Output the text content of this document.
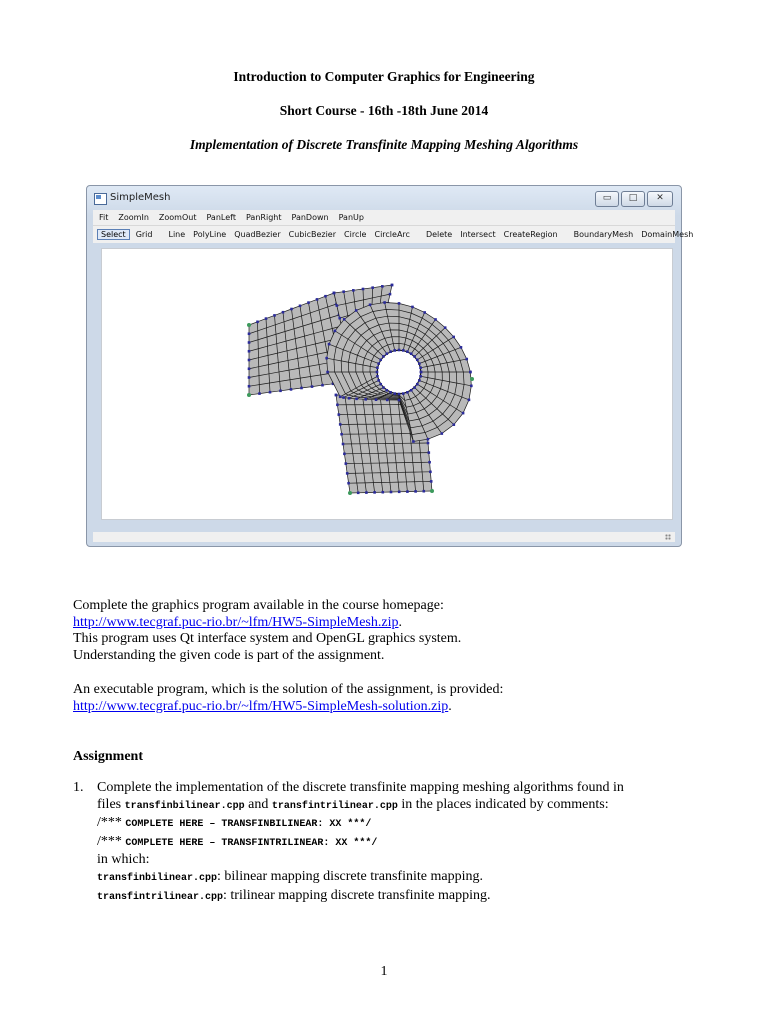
Introduction to Computer Graphics for Engineering
Short Course - 16th -18th June 2014
Implementation of Discrete Transfinite Mapping Meshing Algorithms
SimpleMesh	▭	□	✕
Fit ZoomIn ZoomOut PanLeft PanRight PanDown PanUp
Select	Grid Line PolyLine QuadBezier CubicBezier Circle CircleArc Delete Intersect CreateRegion BoundaryMesh DomainMesh
Complete the graphics program available in the course homepage:
http://www.tecgraf.puc-rio.br/~lfm/HW5-SimpleMesh.zip.
This program uses Qt interface system and OpenGL graphics system.
Understanding the given code is part of the assignment.
An executable program, which is the solution of the assignment, is provided:
http://www.tecgraf.puc-rio.br/~lfm/HW5-SimpleMesh-solution.zip.
Assignment
1. Complete the implementation of the discrete transfinite mapping meshing algorithms found in
files transfinbilinear.cpp and transfintrilinear.cpp in the places indicated by comments:
/*** COMPLETE HERE – TRANSFINBILINEAR: XX ***/
/*** COMPLETE HERE – TRANSFINTRILINEAR: XX ***/
in which:
transfinbilinear.cpp: bilinear mapping discrete transfinite mapping.
transfintrilinear.cpp: trilinear mapping discrete transfinite mapping.
1
